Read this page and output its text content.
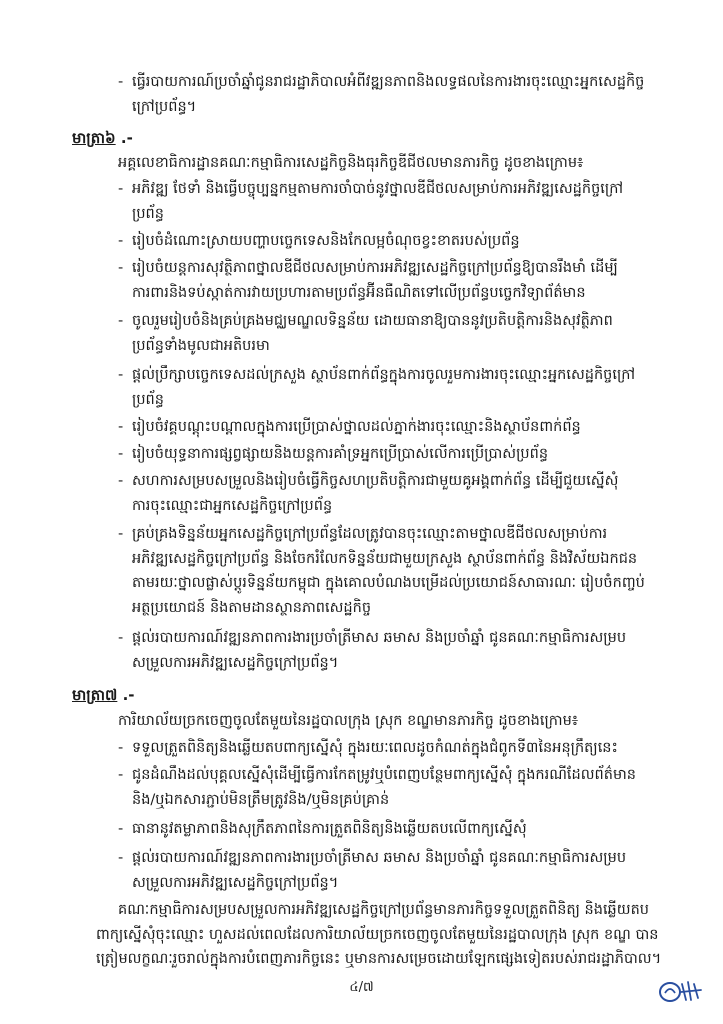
- ធ្វើរបាយការណ៍ប្រចាំឆ្នាំជូនរាជរដ្ឋាភិបាលអំពីវឌ្ឍនភាពនិងលទ្ធផលនៃការងារចុះឈ្មោះអ្នកសេដ្ឋកិច្ច
ក្រៅប្រព័ន្ធ។
មាត្រា៦ .-
អគ្គលេខាធិការដ្ឋានគណៈកម្មាធិការសេដ្ឋកិច្ចនិងធុរកិច្ចឌីជីថលមានភារកិច្ច ដូចខាងក្រោម៖
- អភិវឌ្ឍ ថែទាំ និងធ្វើបច្ចុប្បន្នកម្មតាមការចាំបាច់នូវថ្នាលឌីជីថលសម្រាប់ការអភិវឌ្ឍសេដ្ឋកិច្ចក្រៅ
ប្រព័ន្ធ
- រៀបចំដំណោះស្រាយបញ្ហាបច្ចេកទេសនិងកែលម្អចំណុចខ្វះខាតរបស់ប្រព័ន្ធ
- រៀបចំយន្តការសុវត្ថិភាពថ្នាលឌីជីថលសម្រាប់ការអភិវឌ្ឍសេដ្ឋកិច្ចក្រៅប្រព័ន្ធឱ្យបានរឹងមាំ ដើម្បី
ការពារនិងទប់ស្កាត់ការវាយប្រហារតាមប្រព័ន្ធអ៊ីនធឺណិតទៅលើប្រព័ន្ធបច្ចេកវិទ្យាព័ត៌មាន
- ចូលរួមរៀបចំនិងគ្រប់គ្រងមជ្ឈមណ្ឌលទិន្នន័យ ដោយធានាឱ្យបាននូវប្រតិបត្តិការនិងសុវត្ថិភាព
ប្រព័ន្ធទាំងមូលជាអតិបរមា
- ផ្ដល់ប្រឹក្សាបច្ចេកទេសដល់ក្រសួង ស្ថាប័នពាក់ព័ន្ធក្នុងការចូលរួមការងារចុះឈ្មោះអ្នកសេដ្ឋកិច្ចក្រៅ
ប្រព័ន្ធ
- រៀបចំវគ្គបណ្ដុះបណ្ដាលក្នុងការប្រើប្រាស់ថ្នាលដល់ភ្នាក់ងារចុះឈ្មោះនិងស្ថាប័នពាក់ព័ន្ធ
- រៀបចំយុទ្ធនាការផ្សព្វផ្សាយនិងយន្តការគាំទ្រអ្នកប្រើប្រាស់លើការប្រើប្រាស់ប្រព័ន្ធ
- សហការសម្របសម្រួលនិងរៀបចំធ្វើកិច្ចសហប្រតិបត្តិការជាមួយគូអង្គពាក់ព័ន្ធ ដើម្បីជួយស្នើសុំ
ការចុះឈ្មោះជាអ្នកសេដ្ឋកិច្ចក្រៅប្រព័ន្ធ
- គ្រប់គ្រងទិន្នន័យអ្នកសេដ្ឋកិច្ចក្រៅប្រព័ន្ធដែលត្រូវបានចុះឈ្មោះតាមថ្នាលឌីជីថលសម្រាប់ការ
អភិវឌ្ឍសេដ្ឋកិច្ចក្រៅប្រព័ន្ធ និងចែករំលែកទិន្នន័យជាមួយក្រសួង ស្ថាប័នពាក់ព័ន្ធ និងវិស័យឯកជន
តាមរយៈថ្នាលផ្លាស់ប្ដូរទិន្នន័យកម្ពុជា ក្នុងគោលបំណងបម្រើដល់ប្រយោជន៍សាធារណៈ រៀបចំកញ្ចប់
អត្ថប្រយោជន៍ និងតាមដានស្ថានភាពសេដ្ឋកិច្ច
- ផ្ដល់របាយការណ៍វឌ្ឍនភាពការងារប្រចាំត្រីមាស ឆមាស និងប្រចាំឆ្នាំ ជូនគណៈកម្មាធិការសម្រប
សម្រួលការអភិវឌ្ឍសេដ្ឋកិច្ចក្រៅប្រព័ន្ធ។
មាត្រា៧ .-
ការិយាល័យច្រកចេញចូលតែមួយនៃរដ្ឋបាលក្រុង ស្រុក ខណ្ឌមានភារកិច្ច ដូចខាងក្រោម៖
- ទទួលត្រួតពិនិត្យនិងឆ្លើយតបពាក្យស្នើសុំ ក្នុងរយៈពេលដូចកំណត់ក្នុងជំពូកទី៣នៃអនុក្រឹត្យនេះ
- ជូនដំណឹងដល់បុគ្គលស្នើសុំដើម្បីធ្វើការកែតម្រូវឬបំពេញបន្ថែមពាក្យស្នើសុំ ក្នុងករណីដែលព័ត៌មាន
និង/ឬឯកសារភ្ជាប់មិនត្រឹមត្រូវនិង/ឬមិនគ្រប់គ្រាន់
- ធានានូវតម្លាភាពនិងសុក្រឹតភាពនៃការត្រួតពិនិត្យនិងឆ្លើយតបលើពាក្យស្នើសុំ
- ផ្ដល់របាយការណ៍វឌ្ឍនភាពការងារប្រចាំត្រីមាស ឆមាស និងប្រចាំឆ្នាំ ជូនគណៈកម្មាធិការសម្រប
សម្រួលការអភិវឌ្ឍសេដ្ឋកិច្ចក្រៅប្រព័ន្ធ។
គណៈកម្មាធិការសម្របសម្រួលការអភិវឌ្ឍសេដ្ឋកិច្ចក្រៅប្រព័ន្ធមានភារកិច្ចទទួលត្រួតពិនិត្យ និងឆ្លើយតប
ពាក្យស្នើសុំចុះឈ្មោះ ហួសដល់ពេលដែលការិយាល័យច្រកចេញចូលតែមួយនៃរដ្ឋបាលក្រុង ស្រុក ខណ្ឌ បាន
ត្រៀមលក្ខណៈរួចរាល់ក្នុងការបំពេញភារកិច្ចនេះ ឬមានការសម្រេចដោយឡែកផ្សេងទៀតរបស់រាជរដ្ឋាភិបាល។
៤/៧
